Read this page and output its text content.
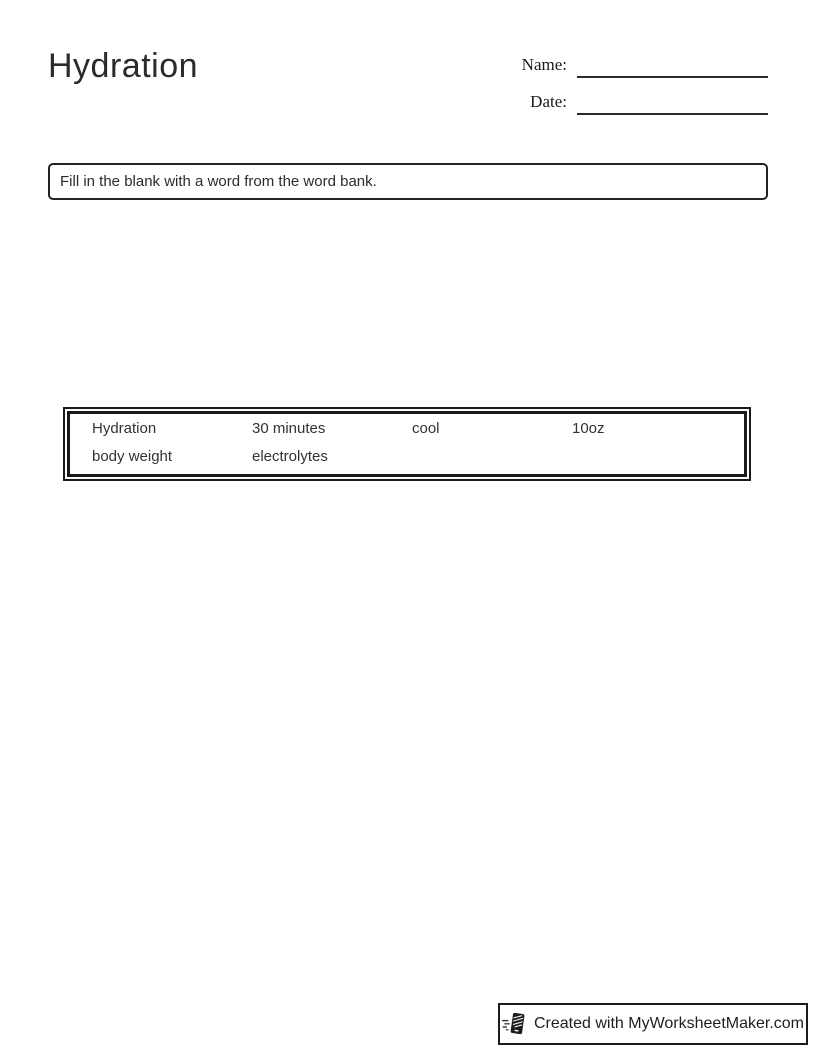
Hydration	Name:
Date:
Fill in the blank with a word from the word bank.
Hydration	30 minutes	cool	10oz
body weight	electrolytes
Created with MyWorksheetMaker.com
